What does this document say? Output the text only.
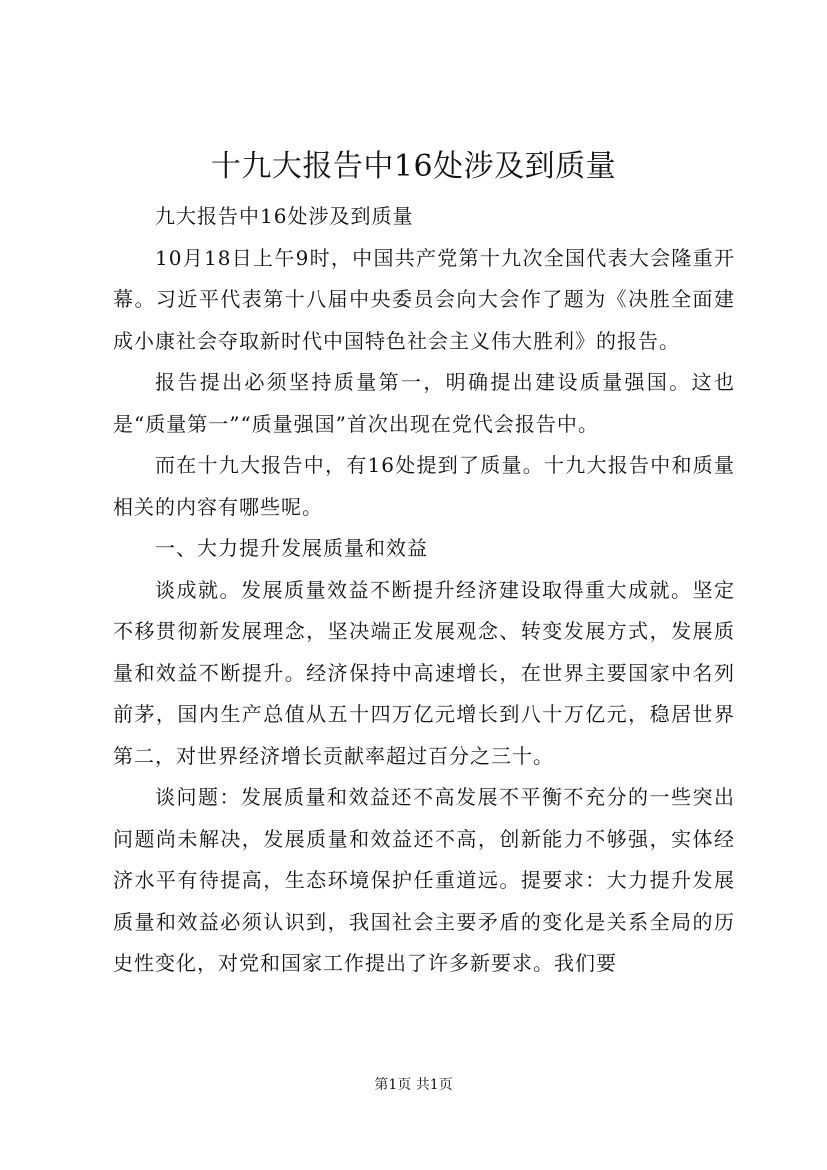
十九大报告中16处涉及到质量

九大报告中16处涉及到质量

10月18日上午9时，中国共产党第十九次全国代表大会隆重开幕。习近平代表第十八届中央委员会向大会作了题为《决胜全面建成小康社会夺取新时代中国特色社会主义伟大胜利》的报告。

报告提出必须坚持质量第一，明确提出建设质量强国。这也是“质量第一”“质量强国”首次出现在党代会报告中。

而在十九大报告中，有16处提到了质量。十九大报告中和质量相关的内容有哪些呢。

一、大力提升发展质量和效益

谈成就。发展质量效益不断提升经济建设取得重大成就。坚定不移贯彻新发展理念，坚决端正发展观念、转变发展方式，发展质量和效益不断提升。经济保持中高速增长，在世界主要国家中名列前茅，国内生产总值从五十四万亿元增长到八十万亿元，稳居世界第二，对世界经济增长贡献率超过百分之三十。

谈问题：发展质量和效益还不高发展不平衡不充分的一些突出问题尚未解决，发展质量和效益还不高，创新能力不够强，实体经济水平有待提高，生态环境保护任重道远。提要求：大力提升发展质量和效益必须认识到，我国社会主要矛盾的变化是关系全局的历史性变化，对党和国家工作提出了许多新要求。我们要

第1页 共1页
